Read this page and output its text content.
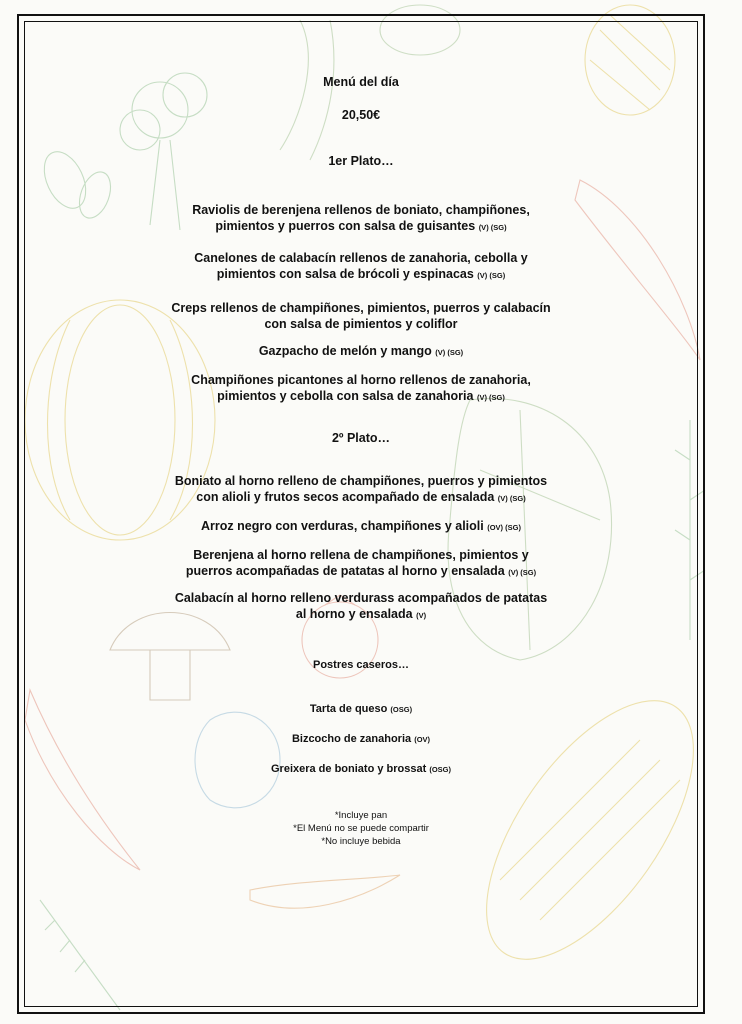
Menú del día
20,50€
1er Plato…
Raviolis de berenjena rellenos de boniato, champiñones,
pimientos y puerros con salsa de guisantes (V) (SG)
Canelones de calabacín rellenos de zanahoria, cebolla y
pimientos con salsa de brócoli y espinacas (V) (SG)
Creps rellenos de champiñones, pimientos, puerros y calabacín
con salsa de pimientos y coliflor
Gazpacho de melón y mango (V) (SG)
Champiñones picantones al horno rellenos de zanahoria,
pimientos y cebolla con salsa de zanahoria (V) (SG)
2º Plato…
Boniato al horno relleno de champiñones, puerros y pimientos
con alioli y frutos secos acompañado de ensalada (V) (SG)
Arroz negro con verduras, champiñones y alioli (OV) (SG)
Berenjena al horno rellena de champiñones, pimientos y
puerros acompañadas de patatas al horno y ensalada (V) (SG)
Calabacín al horno relleno verdurass acompañados de patatas
al horno y ensalada (V)
Postres caseros…
Tarta de queso (OSG)
Bizcocho de zanahoria (OV)
Greixera de boniato y brossat (OSG)
*Incluye pan
*El Menú no se puede compartir
*No incluye bebida
